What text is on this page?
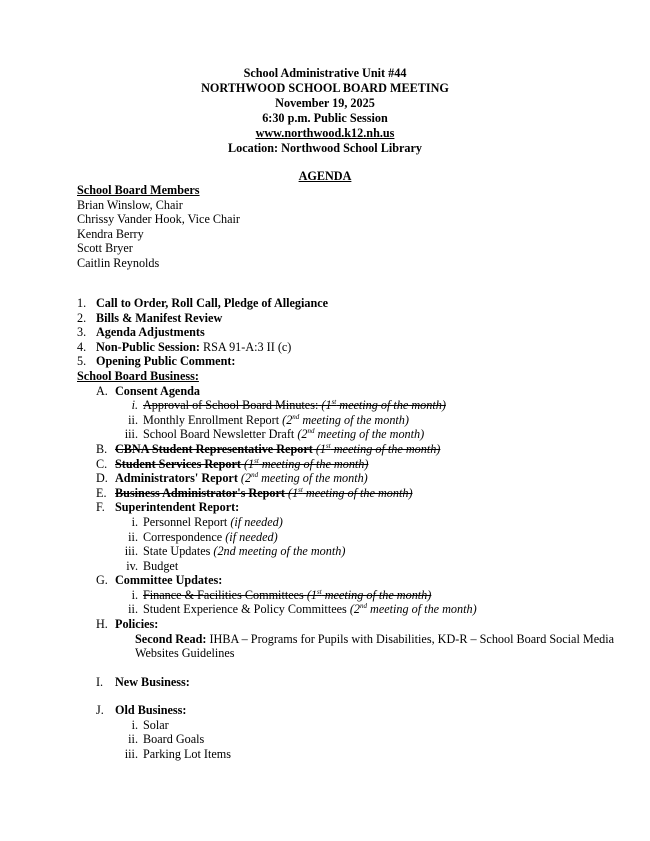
School Administrative Unit #44
NORTHWOOD SCHOOL BOARD MEETING
November 19, 2025
6:30 p.m. Public Session
www.northwood.k12.nh.us
Location: Northwood School Library
AGENDA
School Board Members
Brian Winslow, Chair
Chrissy Vander Hook, Vice Chair
Kendra Berry
Scott Bryer
Caitlin Reynolds
1. Call to Order, Roll Call, Pledge of Allegiance
2. Bills & Manifest Review
3. Agenda Adjustments
4. Non-Public Session: RSA 91-A:3 II (c)
5. Opening Public Comment:
School Board Business:
A. Consent Agenda
i. Approval of School Board Minutes: (1st meeting of the month)
ii. Monthly Enrollment Report (2nd meeting of the month)
iii. School Board Newsletter Draft (2nd meeting of the month)
B. CBNA Student Representative Report (1st meeting of the month)
C. Student Services Report (1st meeting of the month)
D. Administrators' Report (2nd meeting of the month)
E. Business Administrator's Report (1st meeting of the month)
F. Superintendent Report:
i. Personnel Report (if needed)
ii. Correspondence (if needed)
iii. State Updates (2nd meeting of the month)
iv. Budget
G. Committee Updates:
i. Finance & Facilities Committees (1st meeting of the month)
ii. Student Experience & Policy Committees (2nd meeting of the month)
H. Policies:
Second Read: IHBA – Programs for Pupils with Disabilities, KD-R – School Board Social Media Websites Guidelines
I. New Business:
J. Old Business:
i. Solar
ii. Board Goals
iii. Parking Lot Items
